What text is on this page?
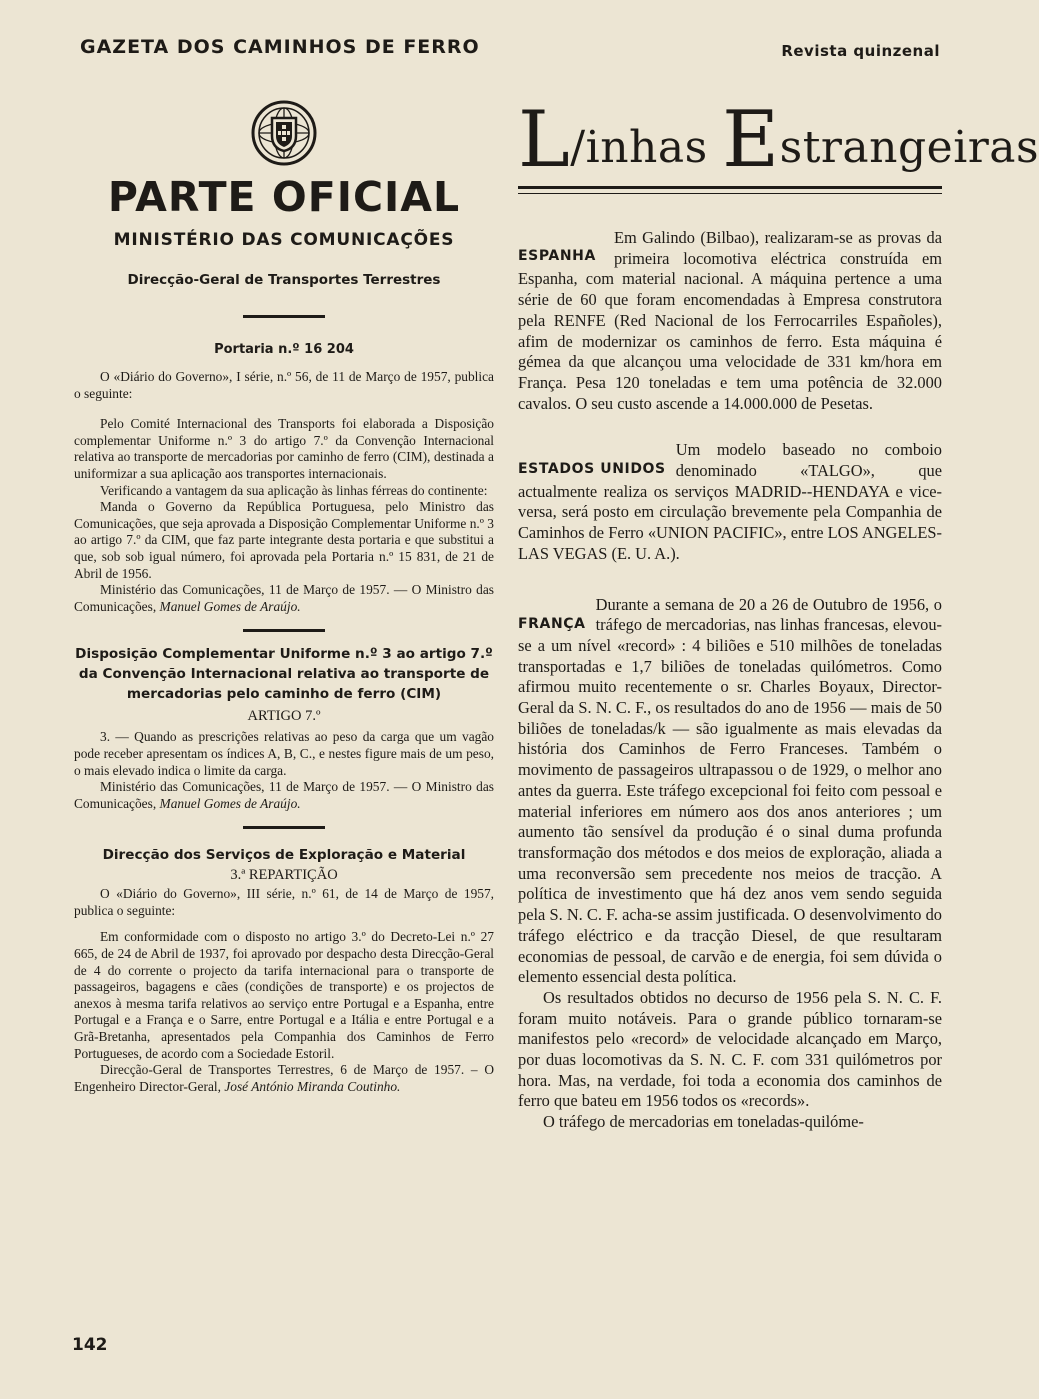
GAZETA DOS CAMINHOS DE FERRO	Revista quinzenal
PARTE OFICIAL
MINISTÉRIO DAS COMUNICAÇÕES
Direcção-Geral de Transportes Terrestres
Portaria n.º 16 204

O «Diário do Governo», I série, n.º 56, de 11 de Março de 1957, publica o seguinte:

Pelo Comité Internacional des Transports foi elaborada a Disposição complementar Uniforme n.º 3 do artigo 7.º da Convenção Internacional relativa ao transporte de mercadorias por caminho de ferro (CIM), destinada a uniformizar a sua aplicação aos transportes internacionais.

Verificando a vantagem da sua aplicação às linhas férreas do continente:

Manda o Governo da República Portuguesa, pelo Ministro das Comunicações, que seja aprovada a Disposição Complementar Uniforme n.º 3 ao artigo 7.º da CIM, que faz parte integrante desta portaria e que substitui a que, sob sob igual número, foi aprovada pela Portaria n.º 15 831, de 21 de Abril de 1956.

Ministério das Comunicações, 11 de Março de 1957. — O Ministro das Comunicações, Manuel Gomes de Araújo.

Disposição Complementar Uniforme n.º 3 ao artigo 7.º da Convenção Internacional relativa ao transporte de mercadorias pelo caminho de ferro (CIM)
ARTIGO 7.º

3. — Quando as prescrições relativas ao peso da carga que um vagão pode receber apresentam os índices A, B, C., e nestes figure mais de um peso, o mais elevado indica o limite da carga.

Ministério das Comunicações, 11 de Março de 1957. — O Ministro das Comunicações, Manuel Gomes de Araújo.

Direcção dos Serviços de Exploração e Material
3.ª REPARTIÇÃO

O «Diário do Governo», III série, n.º 61, de 14 de Março de 1957, publica o seguinte:

Em conformidade com o disposto no artigo 3.º do Decreto-Lei n.º 27 665, de 24 de Abril de 1937, foi aprovado por despacho desta Direcção-Geral de 4 do corrente o projecto da tarifa internacional para o transporte de passageiros, bagagens e cães (condições de transporte) e os projectos de anexos à mesma tarifa relativos ao serviço entre Portugal e a Espanha, entre Portugal e a França e o Sarre, entre Portugal e a Itália e entre Portugal e a Grã-Bretanha, apresentados pela Companhia dos Caminhos de Ferro Portugueses, de acordo com a Sociedade Estoril.

Direcção-Geral de Transportes Terrestres, 6 de Março de 1957. – O Engenheiro Director-Geral, José António Miranda Coutinho.

142
L/inhas Estrangeiras

ESPANHA
Em Galindo (Bilbao), realizaram-se as provas da primeira locomotiva eléctrica construída em Espanha, com material nacional. A máquina pertence a uma série de 60 que foram encomendadas à Empresa construtora pela RENFE (Red Nacional de los Ferrocarriles Españoles), afim de modernizar os caminhos de ferro. Esta máquina é gémea da que alcançou uma velocidade de 331 km/hora em França. Pesa 120 toneladas e tem uma potência de 32.000 cavalos. O seu custo ascende a 14.000.000 de Pesetas.

ESTADOS UNIDOS
Um modelo baseado no comboio denominado «TALGO», que actualmente realiza os serviços MADRID--HENDAYA e vice-versa, será posto em circulação brevemente pela Companhia de Caminhos de Ferro «UNION PACIFIC», entre LOS ANGELES-LAS VEGAS (E. U. A.).

FRANÇA
Durante a semana de 20 a 26 de Outubro de 1956, o tráfego de mercadorias, nas linhas francesas, elevou-se a um nível «record» : 4 biliões e 510 milhões de toneladas transportadas e 1,7 biliões de toneladas quilómetros. Como afirmou muito recentemente o sr. Charles Boyaux, Director-Geral da S. N. C. F., os resultados do ano de 1956 — mais de 50 biliões de toneladas/k — são igualmente as mais elevadas da história dos Caminhos de Ferro Franceses. Também o movimento de passageiros ultrapassou o de 1929, o melhor ano antes da guerra. Este tráfego excepcional foi feito com pessoal e material inferiores em número aos dos anos anteriores ; um aumento tão sensível da produção é o sinal duma profunda transformação dos métodos e dos meios de exploração, aliada a uma reconversão sem precedente nos meios de tracção. A política de investimento que há dez anos vem sendo seguida pela S. N. C. F. acha-se assim justificada. O desenvolvimento do tráfego eléctrico e da tracção Diesel, de que resultaram economias de pessoal, de carvão e de energia, foi sem dúvida o elemento essencial desta política.

Os resultados obtidos no decurso de 1956 pela S. N. C. F. foram muito notáveis. Para o grande público tornaram-se manifestos pelo «record» de velocidade alcançado em Março, por duas locomotivas da S. N. C. F. com 331 quilómetros por hora. Mas, na verdade, foi toda a economia dos caminhos de ferro que bateu em 1956 todos os «records».

O tráfego de mercadorias em toneladas-quilóme-
